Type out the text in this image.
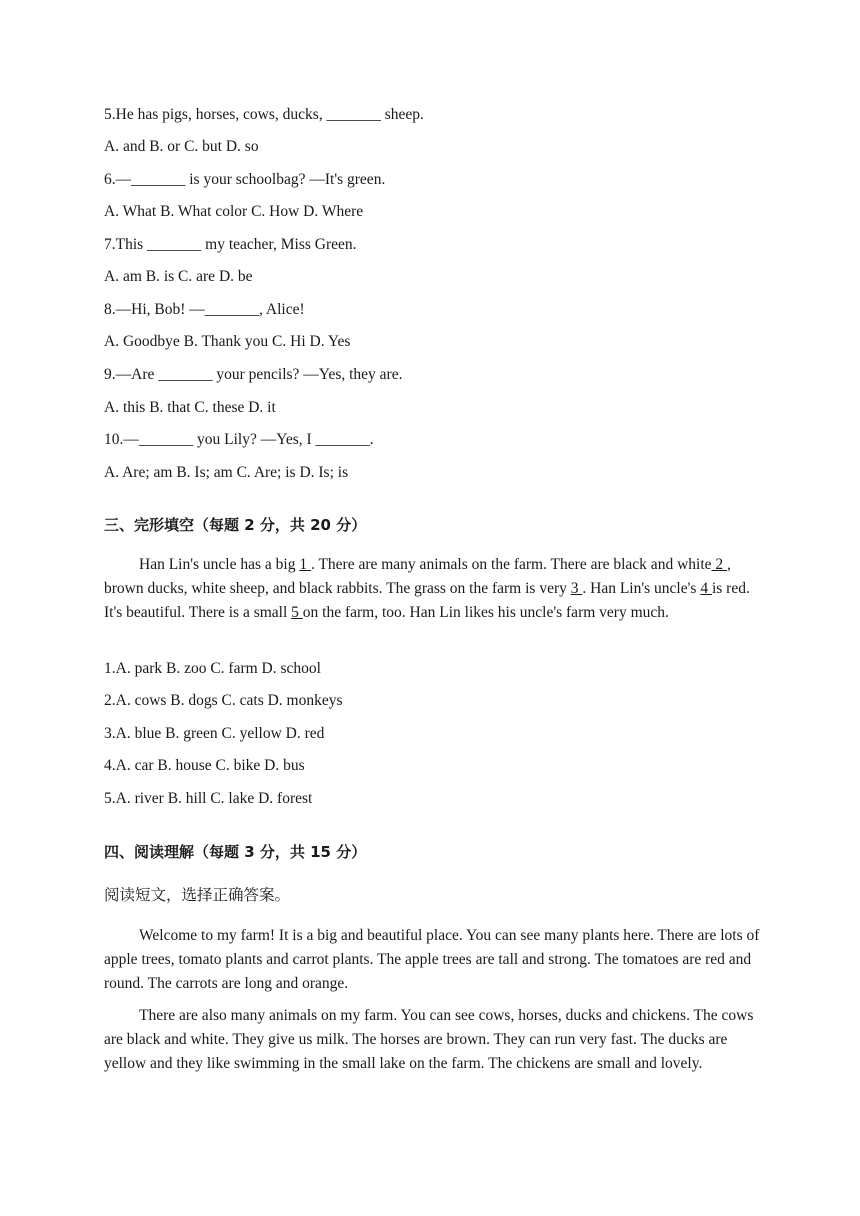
5.He has pigs, horses, cows, ducks, _______ sheep.
A. and B. or C. but D. so
6.—_______ is your schoolbag? —It's green.
A. What B. What color C. How D. Where
7.This _______ my teacher, Miss Green.
A. am B. is C. are D. be
8.—Hi, Bob! —_______, Alice!
A. Goodbye B. Thank you C. Hi D. Yes
9.—Are _______ your pencils? —Yes, they are.
A. this B. that C. these D. it
10.—_______ you Lily? —Yes, I _______.
A. Are; am B. Is; am C. Are; is D. Is; is
三、完形填空（每题 2 分，共 20 分）
Han Lin's uncle has a big 1 . There are many animals on the farm. There are black and white 2 , brown ducks, white sheep, and black rabbits. The grass on the farm is very 3 . Han Lin's uncle's 4 is red. It's beautiful. There is a small 5 on the farm, too. Han Lin likes his uncle's farm very much.
1.A. park B. zoo C. farm D. school
2.A. cows B. dogs C. cats D. monkeys
3.A. blue B. green C. yellow D. red
4.A. car B. house C. bike D. bus
5.A. river B. hill C. lake D. forest
四、阅读理解（每题 3 分，共 15 分）
阅读短文，选择正确答案。
Welcome to my farm! It is a big and beautiful place. You can see many plants here. There are lots of apple trees, tomato plants and carrot plants. The apple trees are tall and strong. The tomatoes are red and round. The carrots are long and orange.
There are also many animals on my farm. You can see cows, horses, ducks and chickens. The cows are black and white. They give us milk. The horses are brown. They can run very fast. The ducks are yellow and they like swimming in the small lake on the farm. The chickens are small and lovely.
